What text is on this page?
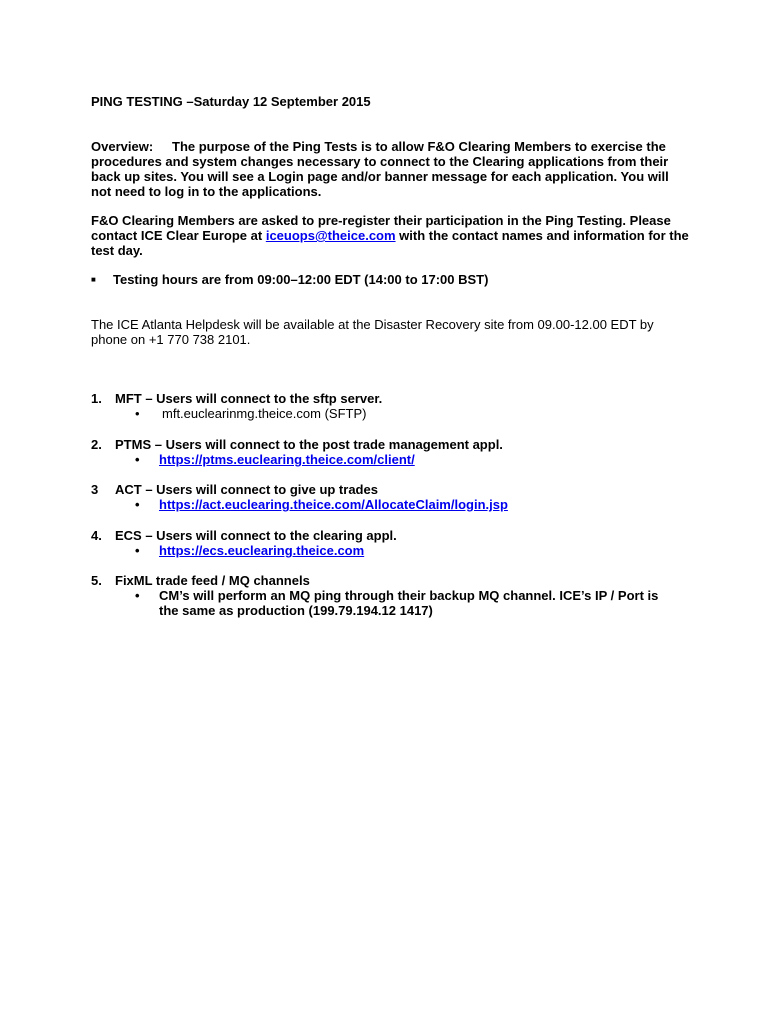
PING TESTING –Saturday 12 September 2015

Overview: The purpose of the Ping Tests is to allow F&O Clearing Members to exercise the procedures and system changes necessary to connect to the Clearing applications from their back up sites. You will see a Login page and/or banner message for each application. You will not need to log in to the applications.

F&O Clearing Members are asked to pre-register their participation in the Ping Testing. Please contact ICE Clear Europe at iceuops@theice.com with the contact names and information for the test day.

■ Testing hours are from 09:00–12:00 EDT (14:00 to 17:00 BST)

The ICE Atlanta Helpdesk will be available at the Disaster Recovery site from 09.00-12.00 EDT by phone on +1 770 738 2101.

1. MFT – Users will connect to the sftp server.
• mft.euclearinmg.theice.com (SFTP)
2. PTMS – Users will connect to the post trade management appl.
• https://ptms.euclearing.theice.com/client/
3 ACT – Users will connect to give up trades
• https://act.euclearing.theice.com/AllocateClaim/login.jsp
4. ECS – Users will connect to the clearing appl.
• https://ecs.euclearing.theice.com
5. FixML trade feed / MQ channels
• CM’s will perform an MQ ping through their backup MQ channel. ICE’s IP / Port is the same as production (199.79.194.12 1417)
